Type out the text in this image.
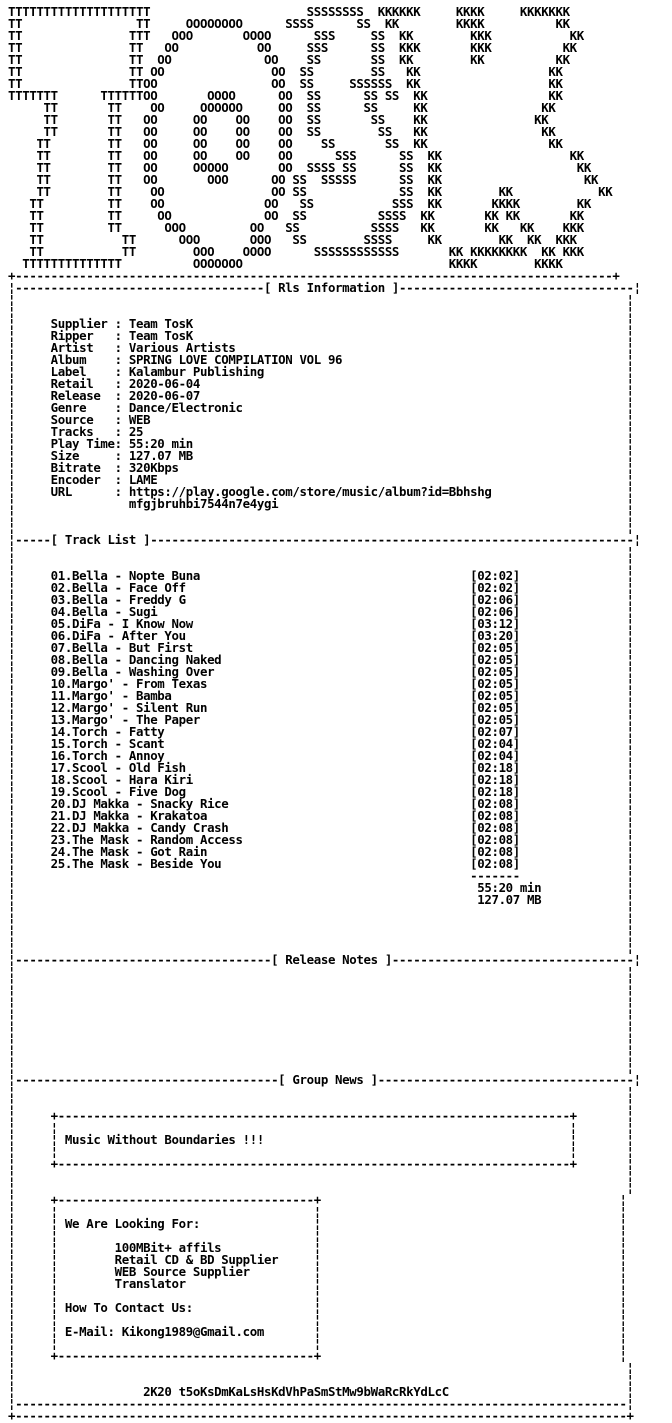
TTTTTTTTTTTTTTTTTTTT                      SSSSSSSS  KKKKKK     KKKK     KKKKKKK
TT                TT     OOOOOOOO      SSSS      SS  KK        KKKK          KK
TT               TTT   OOO       OOOO      SSS     SS  KK        KKK           KK
TT               TT   OO           OO     SSS      SS  KKK       KKK          KK
TT               TT  OO             OO    SS       SS  KK        KK          KK
TT               TT OO               OO  SS        SS   KK                  KK
TT               TTOO                OO  SS     SSSSSS  KK                  KK
TTTTTTT      TTTTTTOO       OOOO      OO  SS      SS SS  KK                 KK
TT       TT    OO     OOOOOO     OO  SS      SS     KK                KK
TT       TT   OO     OO    OO    OO  SS       SS    KK               KK
TT       TT   OO     OO    OO    OO  SS        SS   KK                KK
TT        TT   OO     OO    OO    OO    SS       SS  KK                 KK
TT        TT   OO     OO    OO    OO      SSS      SS  KK                  KK
TT        TT   OO     OOOOO       OO  SSSS SS      SS  KK                   KK
TT        TT   OO       OOO      OO SS  SSSSS      SS  KK                    KK
TT        TT    OO               OO SS             SS  KK        KK            KK
TT         TT    OO              OO   SS           SSS  KK       KKKK        KK
TT         TT     OO             OO  SS          SSSS  KK       KK KK       KK
TT         TT      OOO         OO   SS          SSSS   KK       KK   KK    KKK
TT           TT      OOO       OOO   SS        SSSS     KK        KK  KK  KKK
TT           TT        OOO    OOOO      SSSSSSSSSSSS       KK KKKKKKKK  KK KKK
TTTTTTTTTTTTTT          OOOOOOO                             KKKK        KKKK
+------------------------------------------------------------------------------------+
¦-----------------------------------[ Rls Information ]---------------------------------¦
¦                                                                                      ¦
¦                                                                                      ¦
¦     Supplier : Team TosK                                                             ¦
¦     Ripper   : Team TosK                                                             ¦
¦     Artist   : Various Artists                                                       ¦
¦     Album    : SPRING LOVE COMPILATION VOL 96                                        ¦
¦     Label    : Kalambur Publishing                                                   ¦
¦     Retail   : 2020-06-04                                                            ¦
¦     Release  : 2020-06-07                                                            ¦
¦     Genre    : Dance/Electronic                                                      ¦
¦     Source   : WEB                                                                   ¦
¦     Tracks   : 25                                                                    ¦
¦     Play Time: 55:20 min                                                             ¦
¦     Size     : 127.07 MB                                                             ¦
¦     Bitrate  : 320Kbps                                                               ¦
¦     Encoder  : LAME                                                                  ¦
¦     URL      : https://play.google.com/store/music/album?id=Bbhshg                   ¦
¦                mfgjbruhbi7544n7e4ygi                                                 ¦
¦                                                                                      ¦
¦                                                                                      ¦
¦-----[ Track List ]--------------------------------------------------------------------¦
¦                                                                                      ¦
¦                                                                                      ¦
¦     01.Bella - Nopte Buna                                      [02:02]               ¦
¦     02.Bella - Face Off                                        [02:02]               ¦
¦     03.Bella - Freddy G                                        [02:06]               ¦
¦     04.Bella - Sugi                                            [02:06]               ¦
¦     05.DiFa - I Know Now                                       [03:12]               ¦
¦     06.DiFa - After You                                        [03:20]               ¦
¦     07.Bella - But First                                       [02:05]               ¦
¦     08.Bella - Dancing Naked                                   [02:05]               ¦
¦     09.Bella - Washing Over                                    [02:05]               ¦
¦     10.Margo' - From Texas                                     [02:05]               ¦
¦     11.Margo' - Bamba                                          [02:05]               ¦
¦     12.Margo' - Silent Run                                     [02:05]               ¦
¦     13.Margo' - The Paper                                      [02:05]               ¦
¦     14.Torch - Fatty                                           [02:07]               ¦
¦     15.Torch - Scant                                           [02:04]               ¦
¦     16.Torch - Annoy                                           [02:04]               ¦
¦     17.Scool - Old Fish                                        [02:18]               ¦
¦     18.Scool - Hara Kiri                                       [02:18]               ¦
¦     19.Scool - Five Dog                                        [02:18]               ¦
¦     20.DJ Makka - Snacky Rice                                  [02:08]               ¦
¦     21.DJ Makka - Krakatoa                                     [02:08]               ¦
¦     22.DJ Makka - Candy Crash                                  [02:08]               ¦
¦     23.The Mask - Random Access                                [02:08]               ¦
¦     24.The Mask - Got Rain                                     [02:08]               ¦
¦     25.The Mask - Beside You                                   [02:08]               ¦
¦                                                                -------               ¦
¦                                                                 55:20 min            ¦
¦                                                                 127.07 MB            ¦
¦                                                                                      ¦
¦                                                                                      ¦
¦                                                                                      ¦
¦                                                                                      ¦
¦------------------------------------[ Release Notes ]----------------------------------¦
¦                                                                                      ¦
¦                                                                                      ¦
¦                                                                                      ¦
¦                                                                                      ¦
¦                                                                                      ¦
¦                                                                                      ¦
¦                                                                                      ¦
¦                                                                                      ¦
¦                                                                                      ¦
¦-------------------------------------[ Group News ]------------------------------------¦
¦                                                                                      ¦
¦                                                                                      ¦
¦     +------------------------------------------------------------------------+       ¦
¦     ¦                                                                        ¦       ¦
¦     ¦ Music Without Boundaries !!!                                           ¦       ¦
¦     ¦                                                                        ¦       ¦
¦     +------------------------------------------------------------------------+       ¦
¦                                                                                      ¦
¦                                                                                      ¦
¦     +------------------------------------+                                          ¦
¦     ¦                                    ¦                                          ¦
¦     ¦ We Are Looking For:                ¦                                          ¦
¦     ¦                                    ¦                                          ¦
¦     ¦        100MBit+ affils             ¦                                          ¦
¦     ¦        Retail CD & BD Supplier     ¦                                          ¦
¦     ¦        WEB Source Supplier         ¦                                          ¦
¦     ¦        Translator                  ¦                                          ¦
¦     ¦                                    ¦                                          ¦
¦     ¦ How To Contact Us:                 ¦                                          ¦
¦     ¦                                    ¦                                          ¦
¦     ¦ E-Mail: Kikong1989@Gmail.com       ¦                                          ¦
¦     ¦                                    ¦                                          ¦
¦     +------------------------------------+                                          ¦
¦                                                                                      ¦
¦                                                                                      ¦
¦                  2K20 t5oKsDmKaLsHsKdVhPaSmStMw9bWaRcRkYdLcC                         ¦
¦--------------------------------------------------------------------------------------¦
+--------------------------------------------------------------------------------------+
